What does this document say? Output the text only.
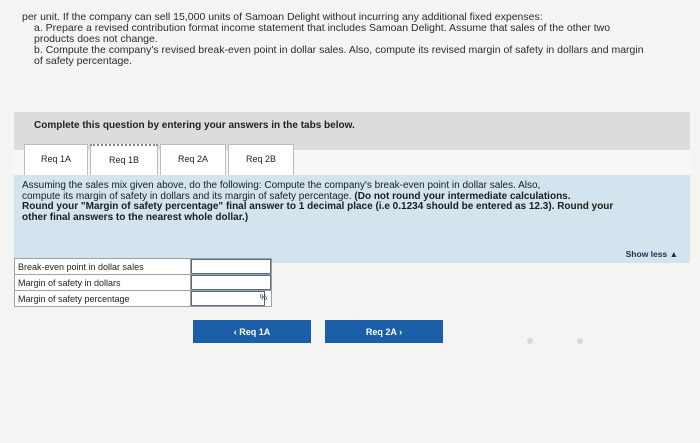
per unit. If the company can sell 15,000 units of Samoan Delight without incurring any additional fixed expenses:
a. Prepare a revised contribution format income statement that includes Samoan Delight. Assume that sales of the other two
products does not change.
b. Compute the company's revised break-even point in dollar sales. Also, compute its revised margin of safety in dollars and margin
of safety percentage.
Complete this question by entering your answers in the tabs below.
Req 1A	Req 1B	Req 2A	Req 2B
Assuming the sales mix given above, do the following: Compute the company's break-even point in dollar sales. Also,
compute its margin of safety in dollars and its margin of safety percentage. (Do not round your intermediate calculations.
Round your "Margin of safety percentage" final answer to 1 decimal place (i.e 0.1234 should be entered as 12.3). Round your
other final answers to the nearest whole dollar.)
Show less ▲
Break-even point in dollar sales	
Margin of safety in dollars	
Margin of safety percentage	%
‹ Req 1A	Req 2A ›
